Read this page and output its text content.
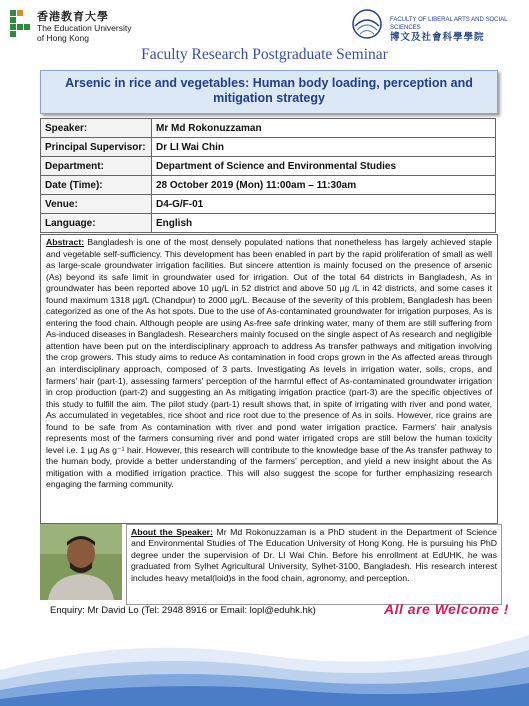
香港教育大學
The Education University
of Hong Kong
FACULTY OF LIBERAL ARTS AND SOCIAL SCIENCES
博文及社會科學學院
Faculty Research Postgraduate Seminar
Arsenic in rice and vegetables: Human body loading, perception and mitigation strategy
Speaker:	Mr Md Rokonuzzaman
Principal Supervisor:	Dr LI Wai Chin
Department:	Department of Science and Environmental Studies
Date (Time):	28 October 2019 (Mon) 11:00am – 11:30am
Venue:	D4-G/F-01
Language:	English
Abstract: Bangladesh is one of the most densely populated nations that nonetheless has largely achieved staple and vegetable self-sufficiency. This development has been enabled in part by the rapid proliferation of small as well as large-scale groundwater irrigation facilities. But sincere attention is mainly focused on the presence of arsenic (As) beyond its safe limit in groundwater used for irrigation. Out of the total 64 districts in Bangladesh, As in groundwater has been reported above 10 µg/L in 52 district and above 50 µg /L in 42 districts, and some cases it found maximum 1318 µg/L (Chandpur) to 2000 µg/L. Because of the severity of this problem, Bangladesh has been categorized as one of the As hot spots. Due to the use of As-contaminated groundwater for irrigation purposes, As is entering the food chain. Although people are using As-free safe drinking water, many of them are still suffering from As-induced diseases in Bangladesh. Researchers mainly focused on the single aspect of As research and negligible attention have been put on the interdisciplinary approach to address As transfer pathways and mitigation involving the crop growers. This study aims to reduce As contamination in food crops grown in the As affected areas through an interdisciplinary approach, composed of 3 parts. Investigating As levels in irrigation water, soils, crops, and farmers' hair (part-1), assessing farmers' perception of the harmful effect of As-contaminated groundwater irrigation in crop production (part-2) and suggesting an As mitigating irrigation practice (part-3) are the specific objectives of this study to fulfill the aim. The pilot study (part-1) result shows that, in spite of irrigating with river and pond water, As accumulated in vegetables, rice shoot and rice root due to the presence of As in soils. However, rice grains are found to be safe from As contamination with river and pond water irrigation practice. Farmers' hair analysis represents most of the farmers consuming river and pond water irrigated crops are still below the human toxicity level i.e. 1 µg As g⁻¹ hair. However, this research will contribute to the knowledge base of the As transfer pathway to the human body, provide a better understanding of the farmers' perception, and yield a new insight about the As mitigation with a modified irrigation practice. This will also suggest the scope for further emphasizing research engaging the farming community.
About the Speaker: Mr Md Rokonuzzaman is a PhD student in the Department of Science and Environmental Studies of The Education University of Hong Kong. He is pursuing his PhD degree under the supervision of Dr. LI Wai Chin. Before his enrollment at EdUHK, he was graduated from Sylhet Agricultural University, Sylhet-3100, Bangladesh. His research interest includes heavy metal(loid)s in the food chain, agronomy, and perception.
Enquiry: Mr David Lo (Tel: 2948 8916 or Email: lopl@eduhk.hk)	All are Welcome !
